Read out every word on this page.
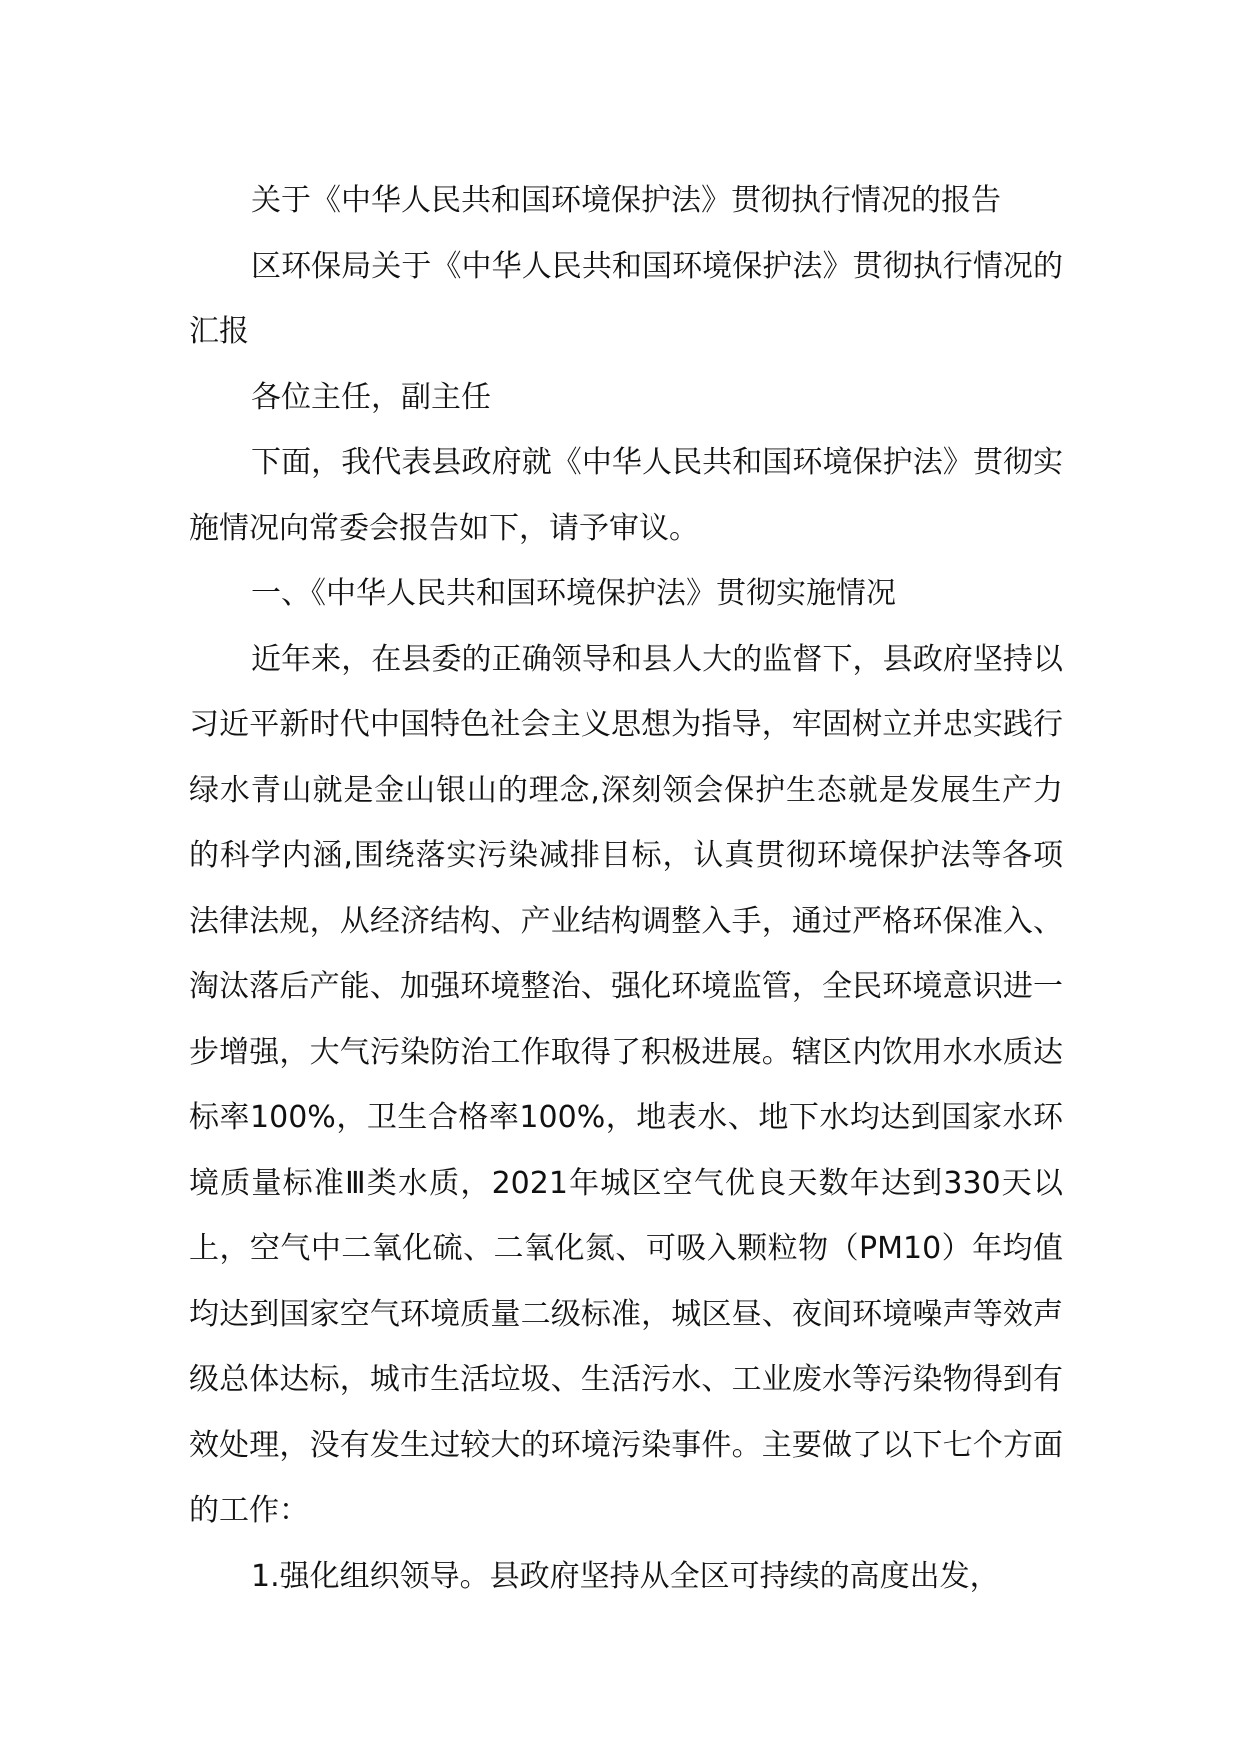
关于《中华人民共和国环境保护法》贯彻执行情况的报告

区环保局关于《中华人民共和国环境保护法》贯彻执行情况的汇报

各位主任，副主任

下面，我代表县政府就《中华人民共和国环境保护法》贯彻实施情况向常委会报告如下，请予审议。

一、《中华人民共和国环境保护法》贯彻实施情况

近年来，在县委的正确领导和县人大的监督下，县政府坚持以习近平新时代中国特色社会主义思想为指导，牢固树立并忠实践行绿水青山就是金山银山的理念,深刻领会保护生态就是发展生产力的科学内涵,围绕落实污染减排目标，认真贯彻环境保护法等各项法律法规，从经济结构、产业结构调整入手，通过严格环保准入、淘汰落后产能、加强环境整治、强化环境监管，全民环境意识进一步增强，大气污染防治工作取得了积极进展。辖区内饮用水水质达标率100%，卫生合格率100%，地表水、地下水均达到国家水环境质量标准Ⅲ类水质，2021年城区空气优良天数年达到330天以上，空气中二氧化硫、二氧化氮、可吸入颗粒物（PM10）年均值均达到国家空气环境质量二级标准，城区昼、夜间环境噪声等效声级总体达标，城市生活垃圾、生活污水、工业废水等污染物得到有效处理，没有发生过较大的环境污染事件。主要做了以下七个方面的工作：

1.强化组织领导。县政府坚持从全区可持续的高度出发，
